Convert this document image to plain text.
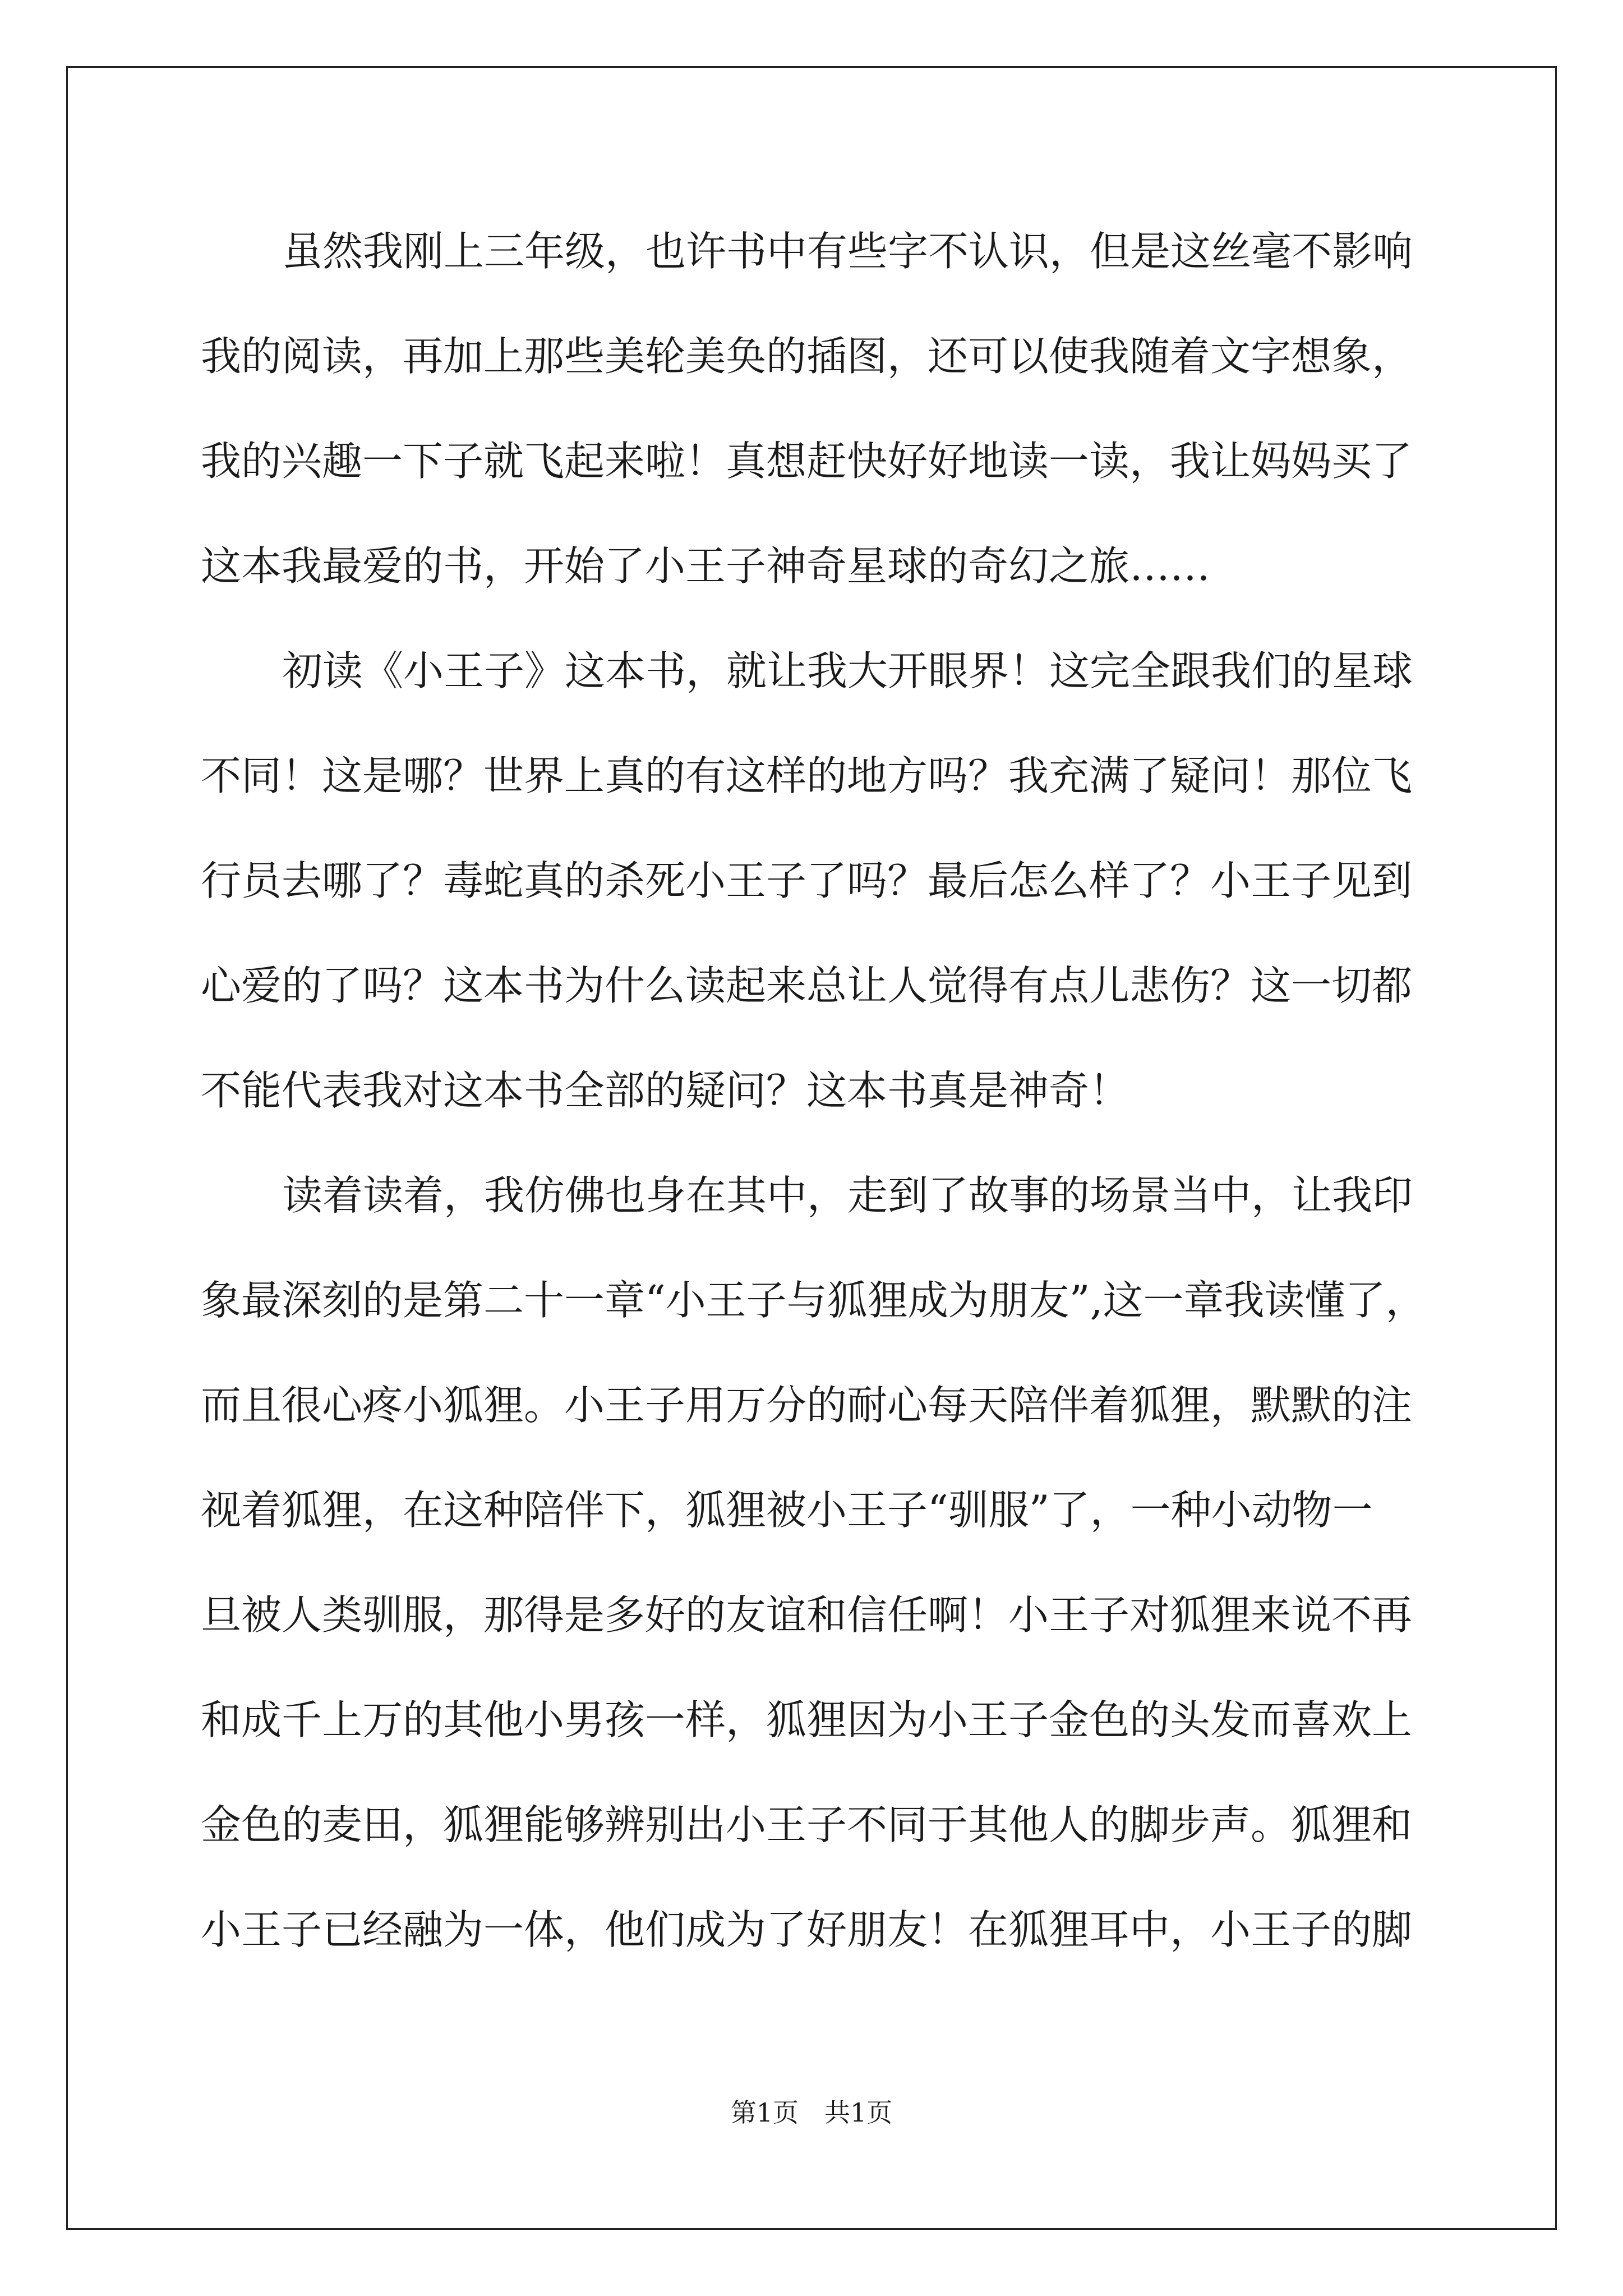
虽然我刚上三年级，也许书中有些字不认识，但是这丝毫不影响

我的阅读，再加上那些美轮美奂的插图，还可以使我随着文字想象，

我的兴趣一下子就飞起来啦！真想赶快好好地读一读，我让妈妈买了

这本我最爱的书，开始了小王子神奇星球的奇幻之旅……

初读《小王子》这本书，就让我大开眼界！这完全跟我们的星球

不同！这是哪？世界上真的有这样的地方吗？我充满了疑问！那位飞

行员去哪了？毒蛇真的杀死小王子了吗？最后怎么样了？小王子见到

心爱的了吗？这本书为什么读起来总让人觉得有点儿悲伤？这一切都

不能代表我对这本书全部的疑问？这本书真是神奇！

读着读着，我仿佛也身在其中，走到了故事的场景当中，让我印

象最深刻的是第二十一章“小王子与狐狸成为朋友”,这一章我读懂了，

而且很心疼小狐狸。小王子用万分的耐心每天陪伴着狐狸，默默的注

视着狐狸，在这种陪伴下，狐狸被小王子“驯服”了，一种小动物一

旦被人类驯服，那得是多好的友谊和信任啊！小王子对狐狸来说不再

和成千上万的其他小男孩一样，狐狸因为小王子金色的头发而喜欢上

金色的麦田，狐狸能够辨别出小王子不同于其他人的脚步声。狐狸和

小王子已经融为一体，他们成为了好朋友！在狐狸耳中，小王子的脚

第1页　共1页
